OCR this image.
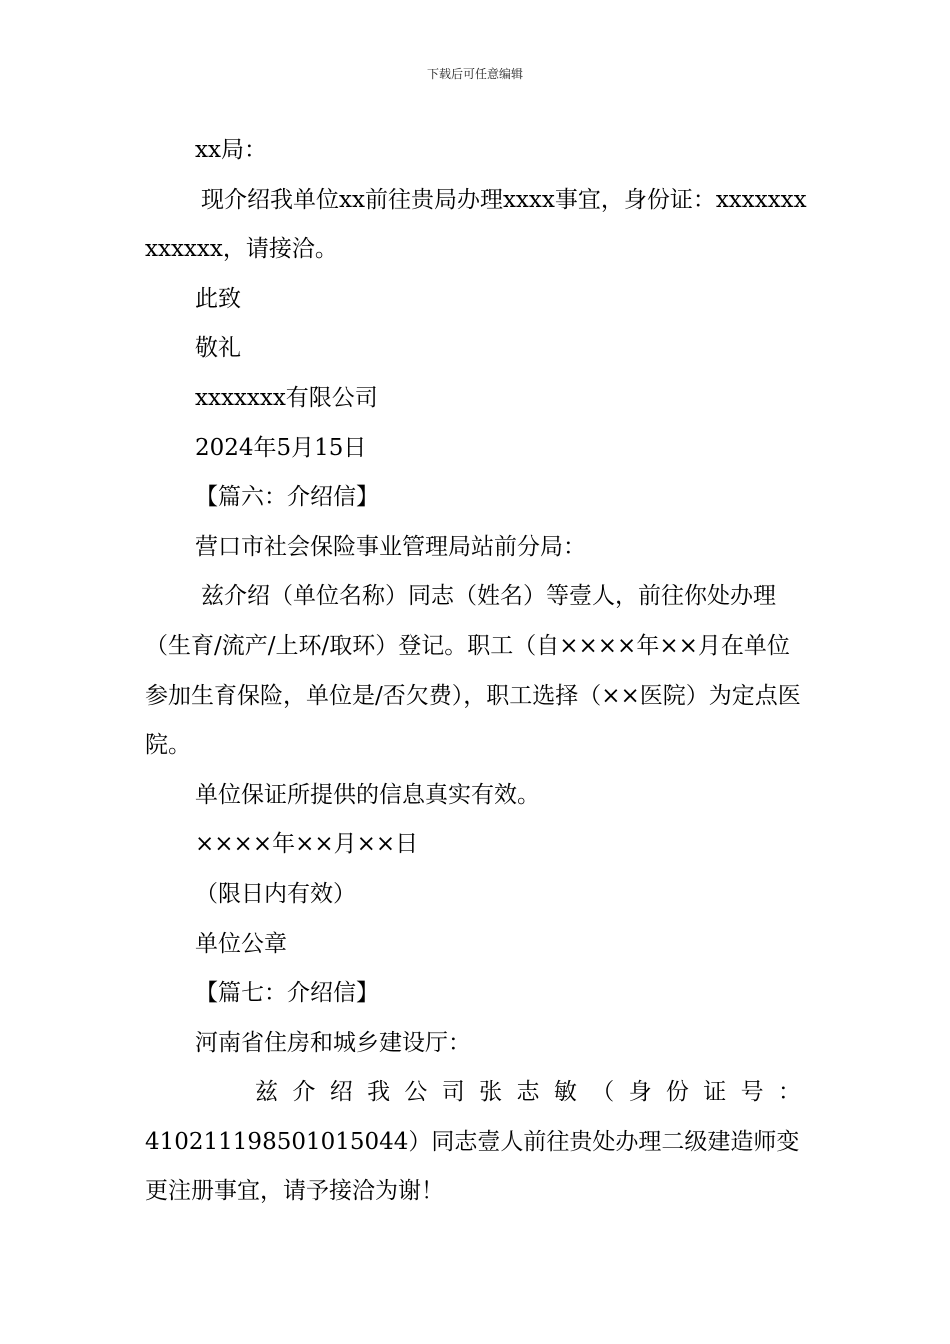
下载后可任意编辑

xx局：

现介绍我单位xx前往贵局办理xxxx事宜，身份证：xxxxxxxxxxxxx，请接洽。

此致

敬礼

xxxxxxx有限公司

2024年5月15日

【篇六：介绍信】

营口市社会保险事业管理局站前分局：

兹介绍（单位名称）同志（姓名）等壹人，前往你处办理（生育/流产/上环/取环）登记。职工（自××××年××月在单位参加生育保险，单位是/否欠费），职工选择（××医院）为定点医院。

单位保证所提供的信息真实有效。

××××年××月××日

（限日内有效）

单位公章

【篇七：介绍信】

河南省住房和城乡建设厅：

兹介绍我公司张志敏（身份证号：

410211198501015044）同志壹人前往贵处办理二级建造师变更注册事宜，请予接洽为谢！
